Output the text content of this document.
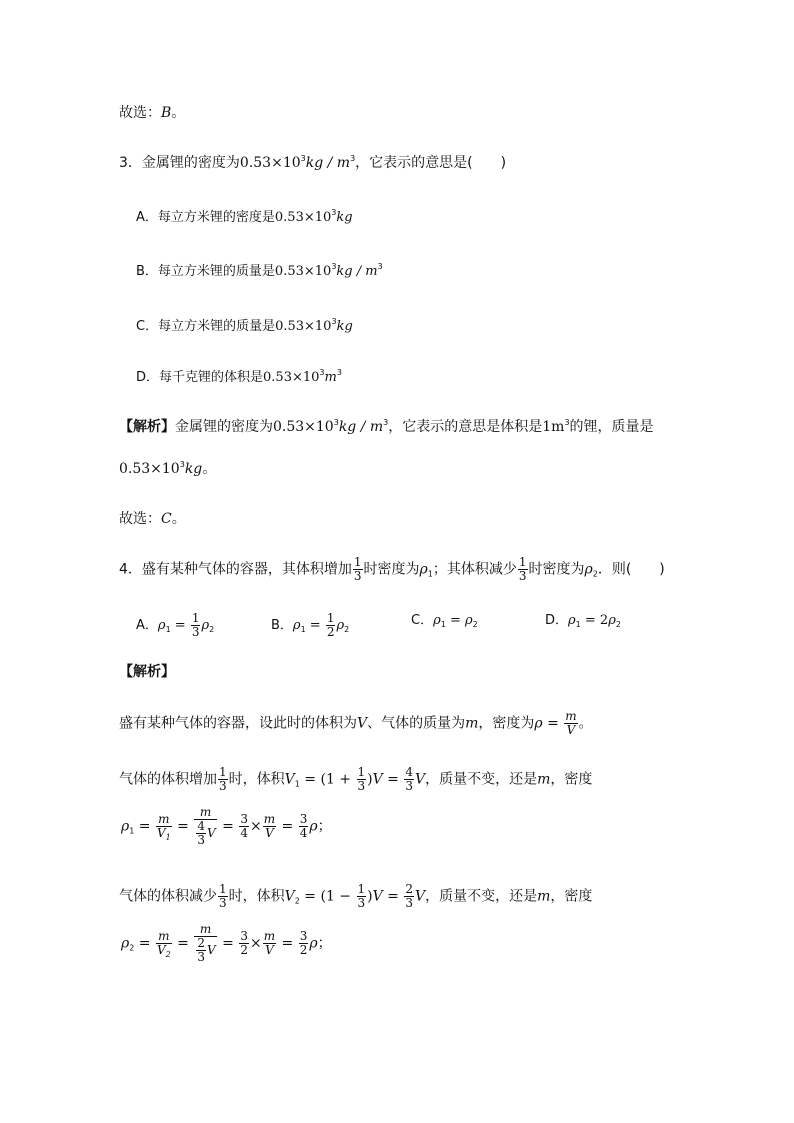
故选：B。
3．金属锂的密度为$0.53\times 10^3kg / m^3$，它表示的意思是(　　)
A．每立方米锂的密度是$0.53\times 10^3kg$
B．每立方米锂的质量是$0.53\times 10^3kg / m^3$
C．每立方米锂的质量是$0.53\times 10^3kg$
D．每千克锂的体积是$0.53\times 10^3m^3$
【解析】金属锂的密度为$0.53\times 10^3kg / m^3$，它表示的意思是体积是$1m^3$的锂，质量是
$0.53\times 10^3kg$。
故选：C。
4．盛有某种气体的容器，其体积增加 $\frac{1}{3}$ 时密度为$\rho_1$；其体积减少 $\frac{1}{3}$ 时密度为$\rho_2$．则(　　)
A．$\rho_1 = \frac{1}{3} \rho_2$	B．$\rho_1 = \frac{1}{2} \rho_2$
C．$\rho_1 = \rho_2$	D．$\rho_1 = 2\rho_2$
【解析】
盛有某种气体的容器，设此时的体积为V、气体的质量为m，密度为$\rho = \frac{m}{V}$ 。
气体的体积增加 $\frac{1}{3}$ 时，体积$V_1 = (1 + \frac{1}{3} )V = \frac{4}{3}$ V，质量不变，还是m，密度
$\rho_1 = \frac{m}{V_1} = \frac{m}{\frac{4}{3} V} = \frac{3}{4} \times \frac{m}{V} = \frac{3}{4}$ ρ；
气体的体积减少 $\frac{1}{3}$ 时，体积$V_2 = (1 - \frac{1}{3} )V = \frac{2}{3}$ V，质量不变，还是m，密度
$\rho_2 = \frac{m}{V_2} = \frac{m}{\frac{2}{3} V} = \frac{3}{2} \times \frac{m}{V} = \frac{3}{2}$ ρ；
